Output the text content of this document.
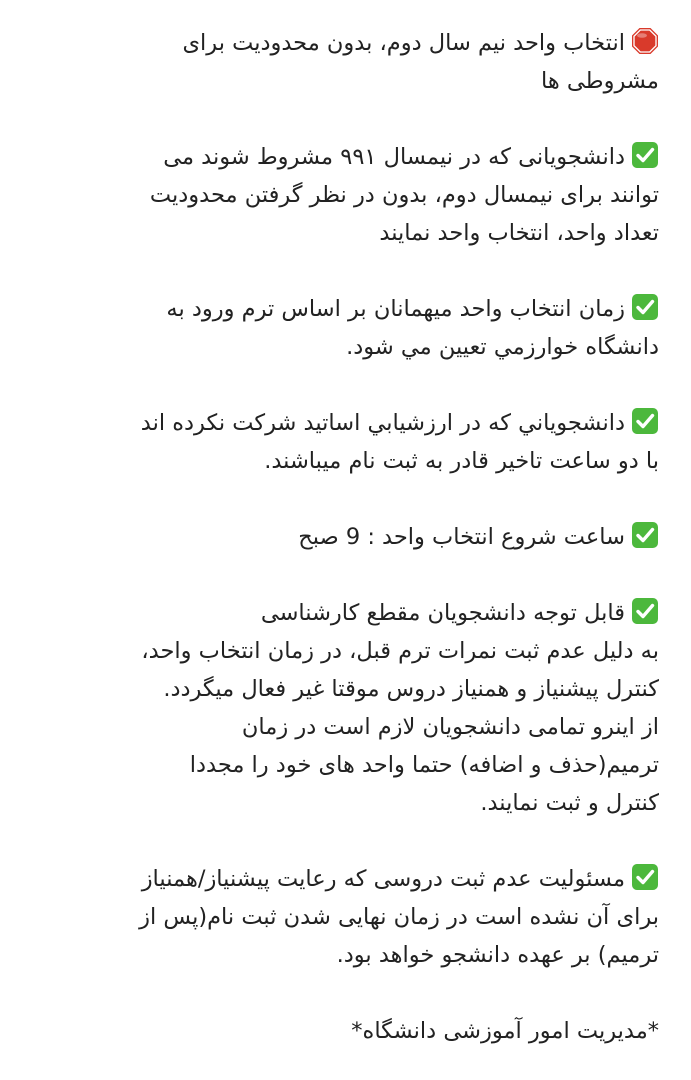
انتخاب واحد نیم سال دوم، بدون محدودیت برای
مشروطی ها

دانشجویانی که در نیمسال ۹۹۱ مشروط شوند می
توانند برای نیمسال دوم، بدون در نظر گرفتن محدودیت
تعداد واحد، انتخاب واحد نمایند

زمان انتخاب واحد میهمانان بر اساس ترم ورود به
دانشگاه خوارزمي تعیین مي شود.

دانشجوياني كه در ارزشيابي اساتيد شركت نكرده اند
با دو ساعت تاخیر قادر به ثبت نام میباشند.

ساعت شروع انتخاب واحد : 9 صبح

قابل توجه دانشجویان مقطع کارشناسی
به دلیل عدم ثبت نمرات ترم قبل، در زمان انتخاب واحد،
کنترل پیشنیاز و همنیاز دروس موقتا غیر فعال میگردد.
از اینرو تمامی دانشجویان لازم است در زمان
ترمیم(حذف و اضافه) حتما واحد های خود را مجددا
کنترل و ثبت نمایند.

مسئولیت عدم ثبت دروسی که رعایت پیشنیاز/همنیاز
برای آن نشده است در زمان نهایی شدن ثبت نام(پس از
ترمیم) بر عهده دانشجو خواهد بود.

*مدیریت امور آموزشی دانشگاه*
